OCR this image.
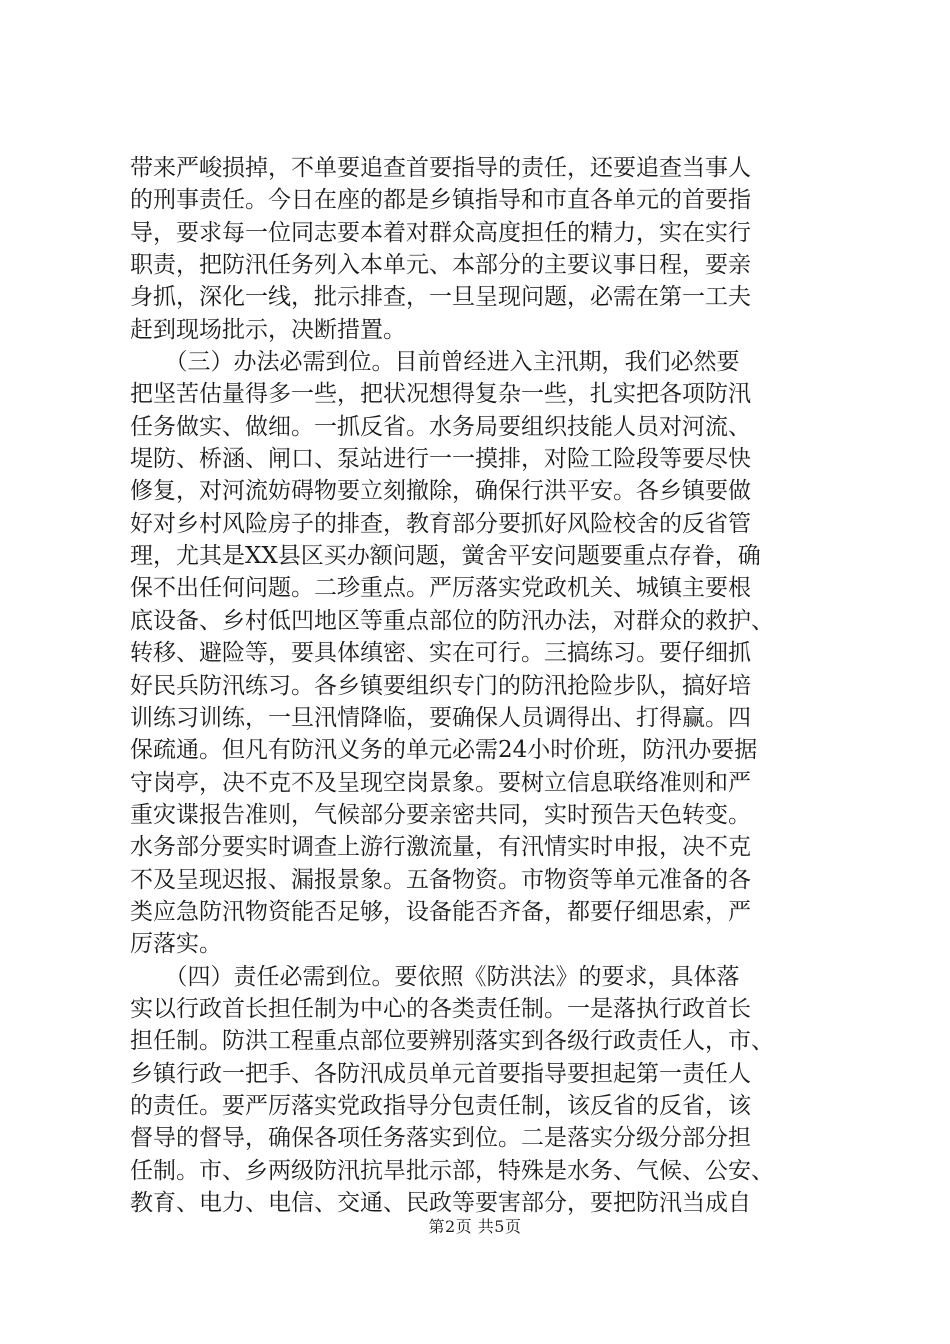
带来严峻损掉，不单要追查首要指导的责任，还要追查当事人
的刑事责任。今日在座的都是乡镇指导和市直各单元的首要指
导，要求每一位同志要本着对群众高度担任的精力，实在实行
职责，把防汛任务列入本单元、本部分的主要议事日程，要亲
身抓，深化一线，批示排查，一旦呈现问题，必需在第一工夫
赶到现场批示，决断措置。
　　（三）办法必需到位。目前曾经进入主汛期，我们必然要
把坚苦估量得多一些，把状况想得复杂一些，扎实把各项防汛
任务做实、做细。一抓反省。水务局要组织技能人员对河流、
堤防、桥涵、闸口、泵站进行一一摸排，对险工险段等要尽快
修复，对河流妨碍物要立刻撤除，确保行洪平安。各乡镇要做
好对乡村风险房子的排查，教育部分要抓好风险校舍的反省管
理，尤其是XX县区买办额问题，黉舍平安问题要重点存眷，确
保不出任何问题。二珍重点。严厉落实党政机关、城镇主要根
底设备、乡村低凹地区等重点部位的防汛办法，对群众的救护、
转移、避险等，要具体缜密、实在可行。三搞练习。要仔细抓
好民兵防汛练习。各乡镇要组织专门的防汛抢险步队，搞好培
训练习训练，一旦汛情降临，要确保人员调得出、打得赢。四
保疏通。但凡有防汛义务的单元必需24小时价班，防汛办要据
守岗亭，决不克不及呈现空岗景象。要树立信息联络准则和严
重灾谍报告准则，气候部分要亲密共同，实时预告天色转变。
水务部分要实时调查上游行激流量，有汛情实时申报，决不克
不及呈现迟报、漏报景象。五备物资。市物资等单元准备的各
类应急防汛物资能否足够，设备能否齐备，都要仔细思索，严
厉落实。
　　（四）责任必需到位。要依照《防洪法》的要求，具体落
实以行政首长担任制为中心的各类责任制。一是落执行政首长
担任制。防洪工程重点部位要辨别落实到各级行政责任人，市、
乡镇行政一把手、各防汛成员单元首要指导要担起第一责任人
的责任。要严厉落实党政指导分包责任制，该反省的反省，该
督导的督导，确保各项任务落实到位。二是落实分级分部分担
任制。市、乡两级防汛抗旱批示部，特殊是水务、气候、公安、
教育、电力、电信、交通、民政等要害部分，要把防汛当成自
第2页 共5页
